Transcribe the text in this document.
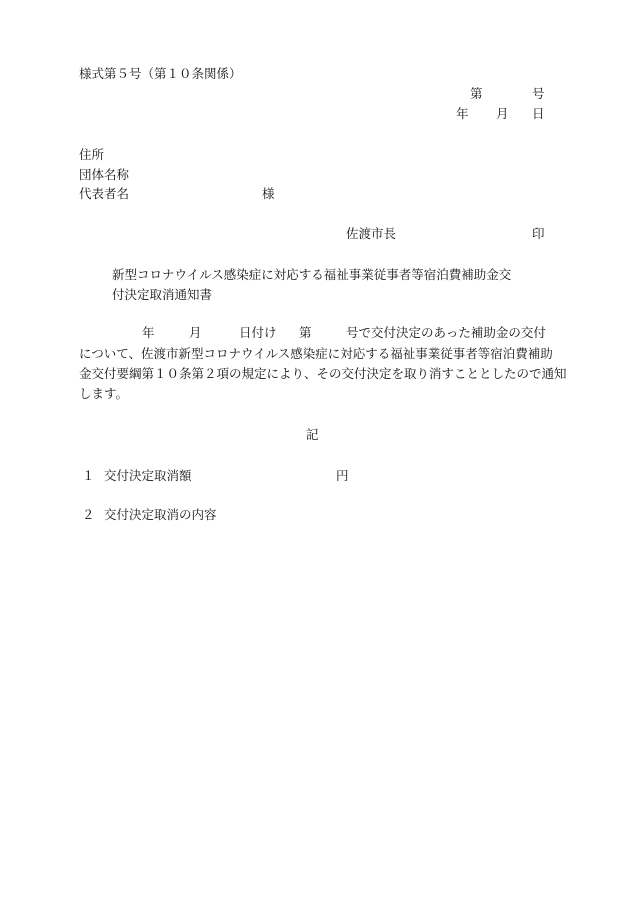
様式第５号（第１０条関係）
第	号
年 月 日
住所
団体名称
代表者名	様
佐渡市長	印
新型コロナウイルス感染症に対応する福祉事業従事者等宿泊費補助金交
付決定取消通知書
年	月	日付け 第	号で交付決定のあった補助金の交付
について、佐渡市新型コロナウイルス感染症に対応する福祉事業従事者等宿泊費補助
金交付要綱第１０条第２項の規定により、その交付決定を取り消すこととしたので通知
します。
記
１ 交付決定取消額	円
２ 交付決定取消の内容
